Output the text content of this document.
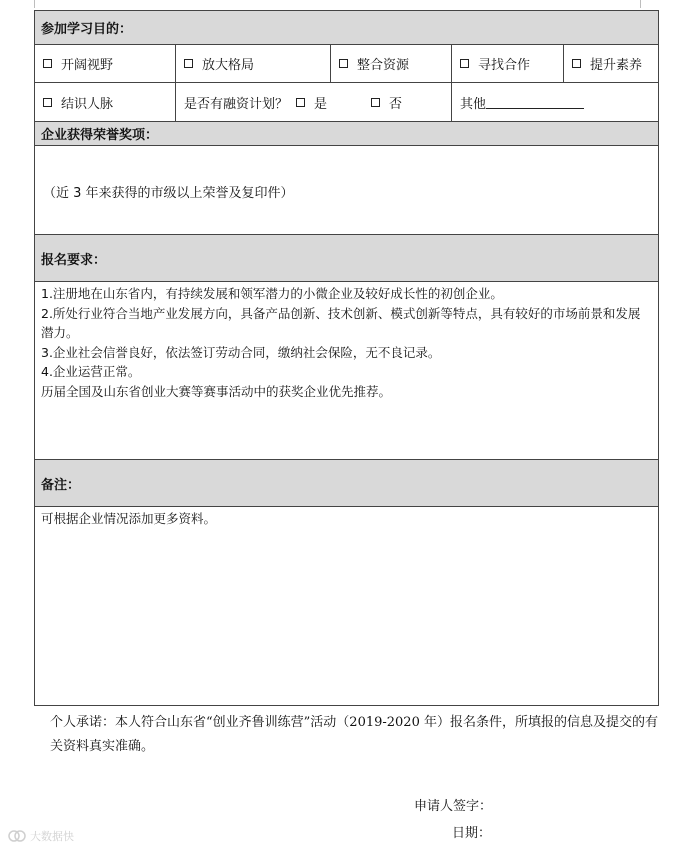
参加学习目的：
开阔视野	放大格局	整合资源	寻找合作	提升素养
结识人脉	是否有融资计划？ 是	否	其他
企业获得荣誉奖项：
（近 3 年来获得的市级以上荣誉及复印件）
报名要求：
1.注册地在山东省内，有持续发展和领军潜力的小微企业及较好成长性的初创企业。
2.所处行业符合当地产业发展方向，具备产品创新、技术创新、模式创新等特点，具有较好的市场前景和发展潜力。
3.企业社会信誉良好，依法签订劳动合同，缴纳社会保险，无不良记录。
4.企业运营正常。
历届全国及山东省创业大赛等赛事活动中的获奖企业优先推荐。
备注：
可根据企业情况添加更多资料。
个人承诺：本人符合山东省“创业齐鲁训练营”活动（2019-2020 年）报名条件，所填报的信息及提交的有关资料真实准确。
申请人签字：
日期：
大数据快
